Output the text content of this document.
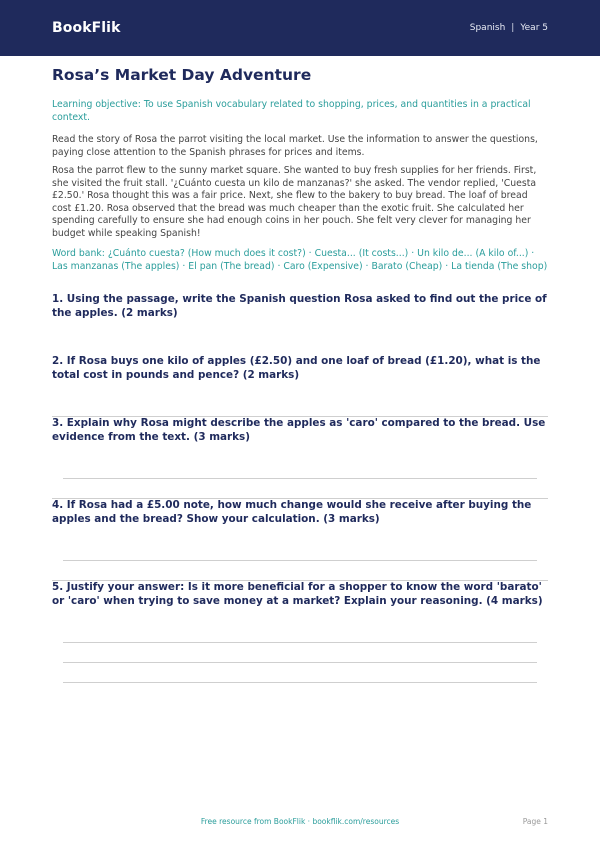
BookFlik	Spanish | Year 5
Rosa’s Market Day Adventure
Learning objective: To use Spanish vocabulary related to shopping, prices, and quantities in a practical context.
Read the story of Rosa the parrot visiting the local market. Use the information to answer the questions, paying close attention to the Spanish phrases for prices and items.
Rosa the parrot flew to the sunny market square. She wanted to buy fresh supplies for her friends. First, she visited the fruit stall. '¿Cuánto cuesta un kilo de manzanas?' she asked. The vendor replied, 'Cuesta £2.50.' Rosa thought this was a fair price. Next, she flew to the bakery to buy bread. The loaf of bread cost £1.20. Rosa observed that the bread was much cheaper than the exotic fruit. She calculated her spending carefully to ensure she had enough coins in her pouch. She felt very clever for managing her budget while speaking Spanish!
Word bank: ¿Cuánto cuesta? (How much does it cost?) · Cuesta... (It costs...) · Un kilo de... (A kilo of...) · Las manzanas (The apples) · El pan (The bread) · Caro (Expensive) · Barato (Cheap) · La tienda (The shop)
1. Using the passage, write the Spanish question Rosa asked to find out the price of the apples. (2 marks)
2. If Rosa buys one kilo of apples (£2.50) and one loaf of bread (£1.20), what is the total cost in pounds and pence? (2 marks)
3. Explain why Rosa might describe the apples as 'caro' compared to the bread. Use evidence from the text. (3 marks)
4. If Rosa had a £5.00 note, how much change would she receive after buying the apples and the bread? Show your calculation. (3 marks)
5. Justify your answer: Is it more beneficial for a shopper to know the word 'barato' or 'caro' when trying to save money at a market? Explain your reasoning. (4 marks)
Free resource from BookFlik · bookflik.com/resources	Page 1
